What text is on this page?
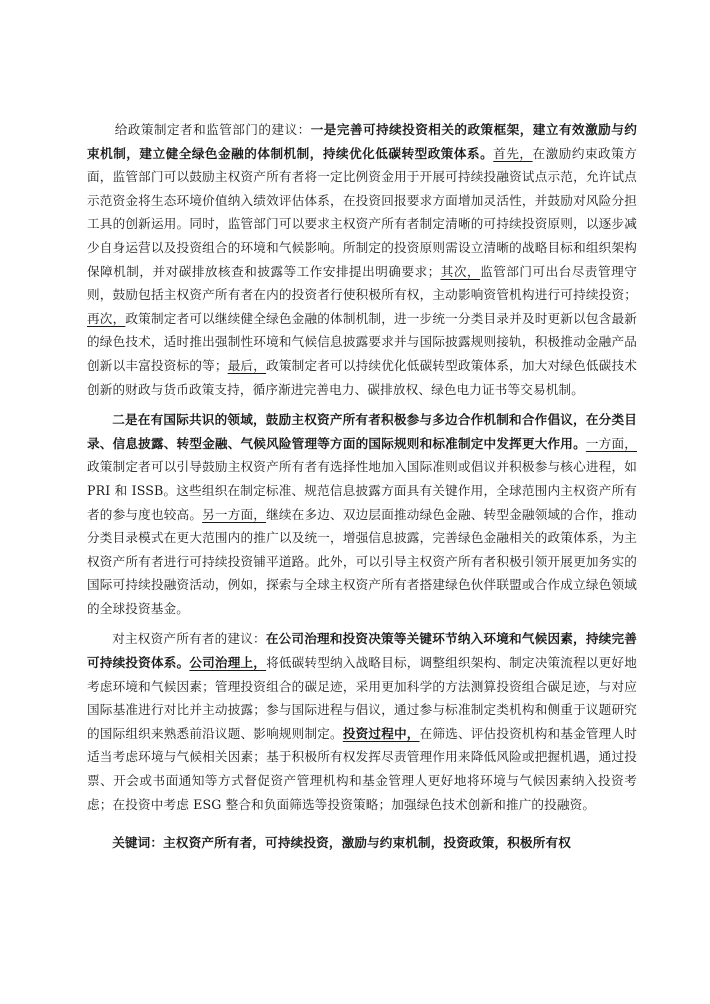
给政策制定者和监管部门的建议：一是完善可持续投资相关的政策框架，建立有效激励与约束机制，建立健全绿色金融的体制机制，持续优化低碳转型政策体系。首先，在激励约束政策方面，监管部门可以鼓励主权资产所有者将一定比例资金用于开展可持续投融资试点示范，允许试点示范资金将生态环境价值纳入绩效评估体系，在投资回报要求方面增加灵活性，并鼓励对风险分担工具的创新运用。同时，监管部门可以要求主权资产所有者制定清晰的可持续投资原则，以逐步减少自身运营以及投资组合的环境和气候影响。所制定的投资原则需设立清晰的战略目标和组织架构保障机制，并对碳排放核查和披露等工作安排提出明确要求；其次，监管部门可出台尽责管理守则，鼓励包括主权资产所有者在内的投资者行使积极所有权，主动影响资管机构进行可持续投资；再次，政策制定者可以继续健全绿色金融的体制机制，进一步统一分类目录并及时更新以包含最新的绿色技术，适时推出强制性环境和气候信息披露要求并与国际披露规则接轨，积极推动金融产品创新以丰富投资标的等；最后，政策制定者可以持续优化低碳转型政策体系，加大对绿色低碳技术创新的财政与货币政策支持，循序渐进完善电力、碳排放权、绿色电力证书等交易机制。

二是在有国际共识的领域，鼓励主权资产所有者积极参与多边合作机制和合作倡议，在分类目录、信息披露、转型金融、气候风险管理等方面的国际规则和标准制定中发挥更大作用。一方面，政策制定者可以引导鼓励主权资产所有者有选择性地加入国际准则或倡议并积极参与核心进程，如 PRI 和 ISSB。这些组织在制定标准、规范信息披露方面具有关键作用，全球范围内主权资产所有者的参与度也较高。另一方面，继续在多边、双边层面推动绿色金融、转型金融领域的合作，推动分类目录模式在更大范围内的推广以及统一，增强信息披露，完善绿色金融相关的政策体系，为主权资产所有者进行可持续投资铺平道路。此外，可以引导主权资产所有者积极引领开展更加务实的国际可持续投融资活动，例如，探索与全球主权资产所有者搭建绿色伙伴联盟或合作成立绿色领域的全球投资基金。

对主权资产所有者的建议：在公司治理和投资决策等关键环节纳入环境和气候因素，持续完善可持续投资体系。公司治理上，将低碳转型纳入战略目标，调整组织架构、制定决策流程以更好地考虑环境和气候因素；管理投资组合的碳足迹，采用更加科学的方法测算投资组合碳足迹，与对应国际基准进行对比并主动披露；参与国际进程与倡议，通过参与标准制定类机构和侧重于议题研究的国际组织来熟悉前沿议题、影响规则制定。投资过程中，在筛选、评估投资机构和基金管理人时适当考虑环境与气候相关因素；基于积极所有权发挥尽责管理作用来降低风险或把握机遇，通过投票、开会或书面通知等方式督促资产管理机构和基金管理人更好地将环境与气候因素纳入投资考虑；在投资中考虑 ESG 整合和负面筛选等投资策略；加强绿色技术创新和推广的投融资。

关键词：主权资产所有者，可持续投资，激励与约束机制，投资政策，积极所有权
